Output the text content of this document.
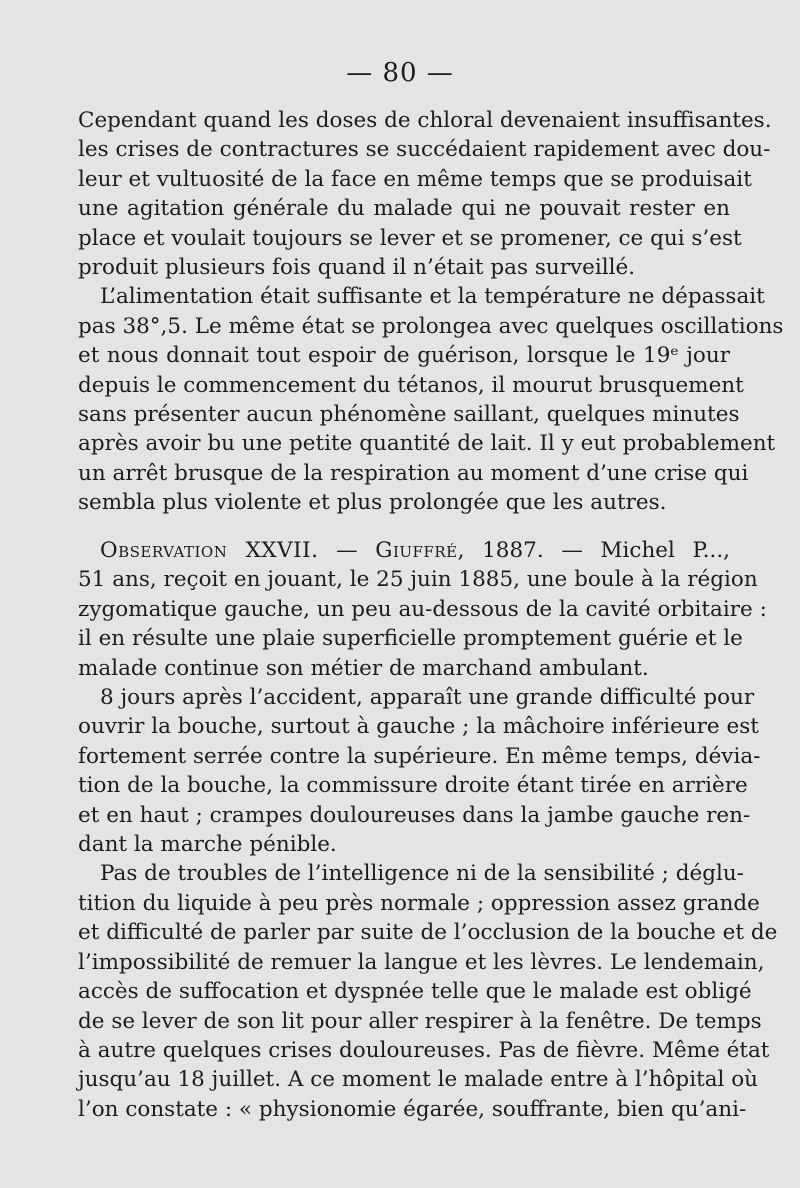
— 80 —
Cependant quand les doses de chloral devenaient insuffisantes.
les crises de contractures se succédaient rapidement avec dou-
leur et vultuosité de la face en même temps que se produisait
une agitation générale du malade qui ne pouvait rester en
place et voulait toujours se lever et se promener, ce qui s’est
produit plusieurs fois quand il n’était pas surveillé.
L’alimentation était suffisante et la température ne dépassait
pas 38°,5. Le même état se prolongea avec quelques oscillations
et nous donnait tout espoir de guérison, lorsque le 19ᵉ jour
depuis le commencement du tétanos, il mourut brusquement
sans présenter aucun phénomène saillant, quelques minutes
après avoir bu une petite quantité de lait. Il y eut probablement
un arrêt brusque de la respiration au moment d’une crise qui
sembla plus violente et plus prolongée que les autres.
Observation XXVII. — Giuffré, 1887. — Michel P...,
51 ans, reçoit en jouant, le 25 juin 1885, une boule à la région
zygomatique gauche, un peu au-dessous de la cavité orbitaire :
il en résulte une plaie superficielle promptement guérie et le
malade continue son métier de marchand ambulant.
8 jours après l’accident, apparaît une grande difficulté pour
ouvrir la bouche, surtout à gauche ; la mâchoire inférieure est
fortement serrée contre la supérieure. En même temps, dévia-
tion de la bouche, la commissure droite étant tirée en arrière
et en haut ; crampes douloureuses dans la jambe gauche ren-
dant la marche pénible.
Pas de troubles de l’intelligence ni de la sensibilité ; déglu-
tition du liquide à peu près normale ; oppression assez grande
et difficulté de parler par suite de l’occlusion de la bouche et de
l’impossibilité de remuer la langue et les lèvres. Le lendemain,
accès de suffocation et dyspnée telle que le malade est obligé
de se lever de son lit pour aller respirer à la fenêtre. De temps
à autre quelques crises douloureuses. Pas de fièvre. Même état
jusqu’au 18 juillet. A ce moment le malade entre à l’hôpital où
l’on constate : « physionomie égarée, souffrante, bien qu’ani-
